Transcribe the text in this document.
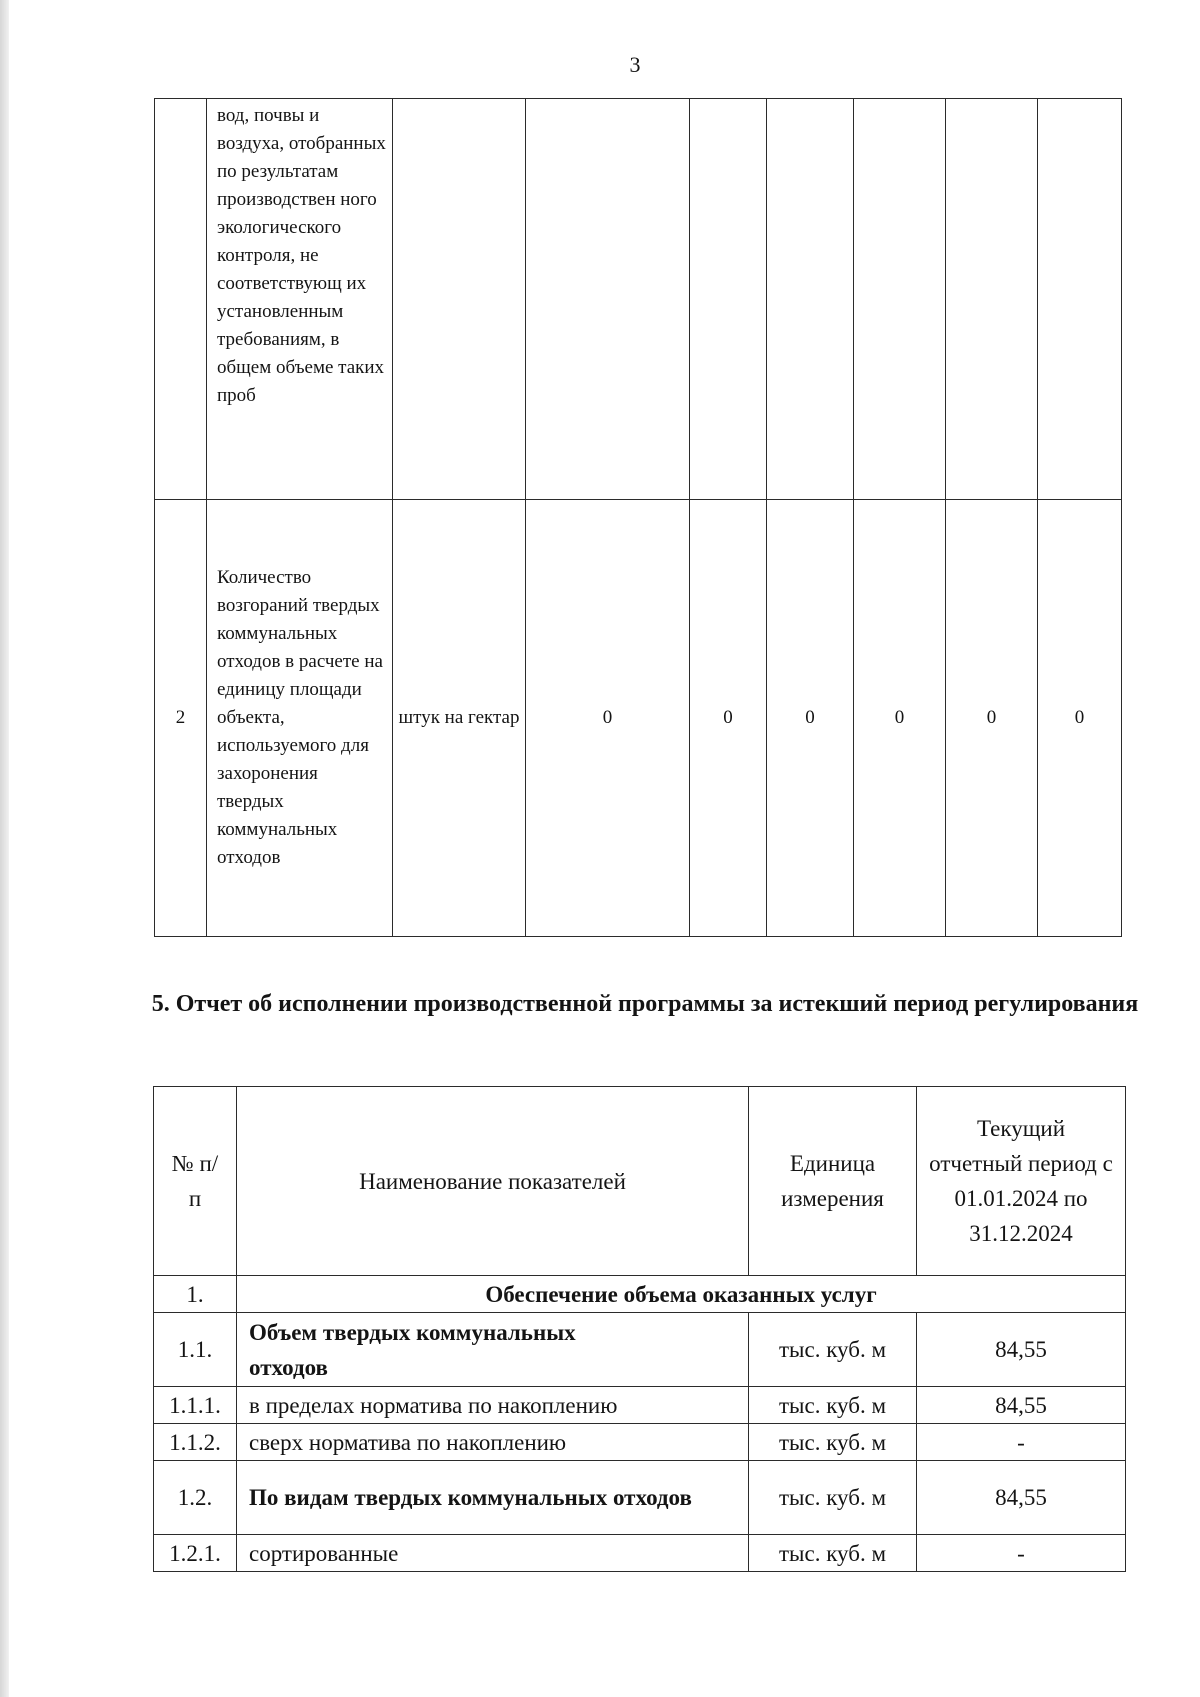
3
	вод, почвы и воздуха, отобранных по результатам производствен ного экологического контроля, не соответствующ их установленным требованиям, в общем объеме таких проб							
2	Количество возгораний твердых коммунальных отходов в расчете на единицу площади объекта, используемого для захоронения твердых коммунальных отходов	штук на гектар	0	0	0	0	0	0
5. Отчет об исполнении производственной программы за истекший период регулирования
№ п/п	Наименование показателей	Единица измерения	Текущий отчетный период с 01.01.2024 по 31.12.2024
1.	Обеспечение объема оказанных услуг		
1.1.	Объем твердых коммунальных отходов	тыс. куб. м	84,55
1.1.1.	в пределах норматива по накоплению	тыс. куб. м	84,55
1.1.2.	сверх норматива по накоплению	тыс. куб. м	-
1.2.	По видам твердых коммунальных отходов	тыс. куб. м	84,55
1.2.1.	сортированные	тыс. куб. м	-
